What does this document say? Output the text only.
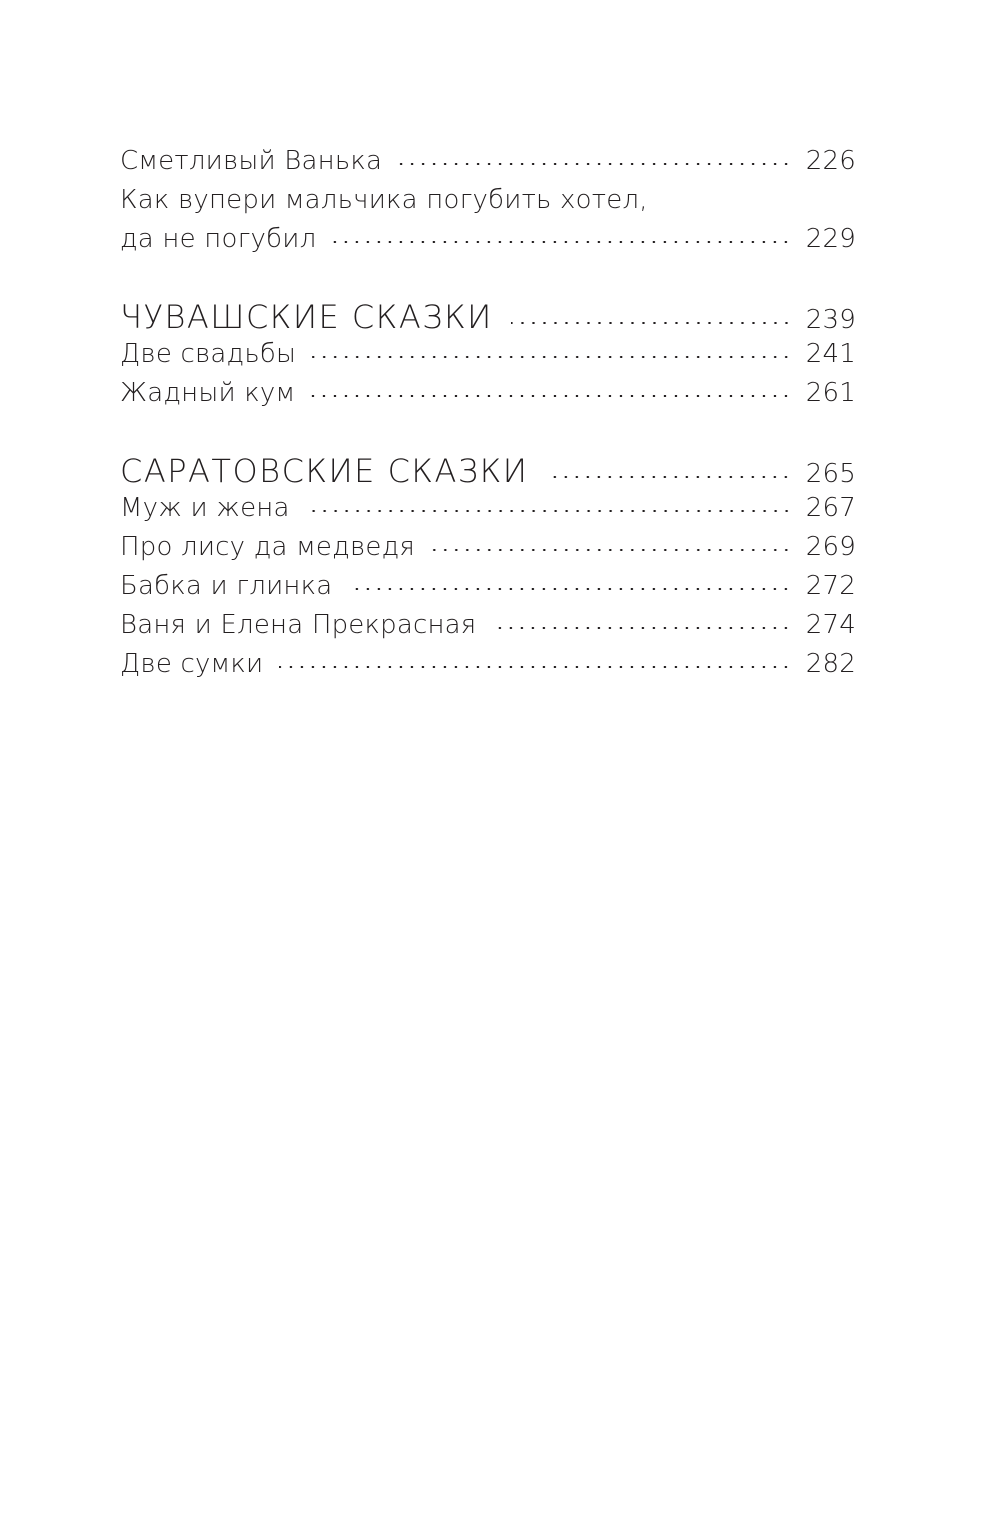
Сметливый Ванька	226
Как вупери мальчика погубить хотел,
да не погубил	229
ЧУВАШСКИЕ СКАЗКИ	239
Две свадьбы	241
Жадный кум	261
САРАТОВСКИЕ СКАЗКИ	265
Муж и жена	267
Про лису да медведя	269
Бабка и глинка	272
Ваня и Елена Прекрасная	274
Две сумки	282
